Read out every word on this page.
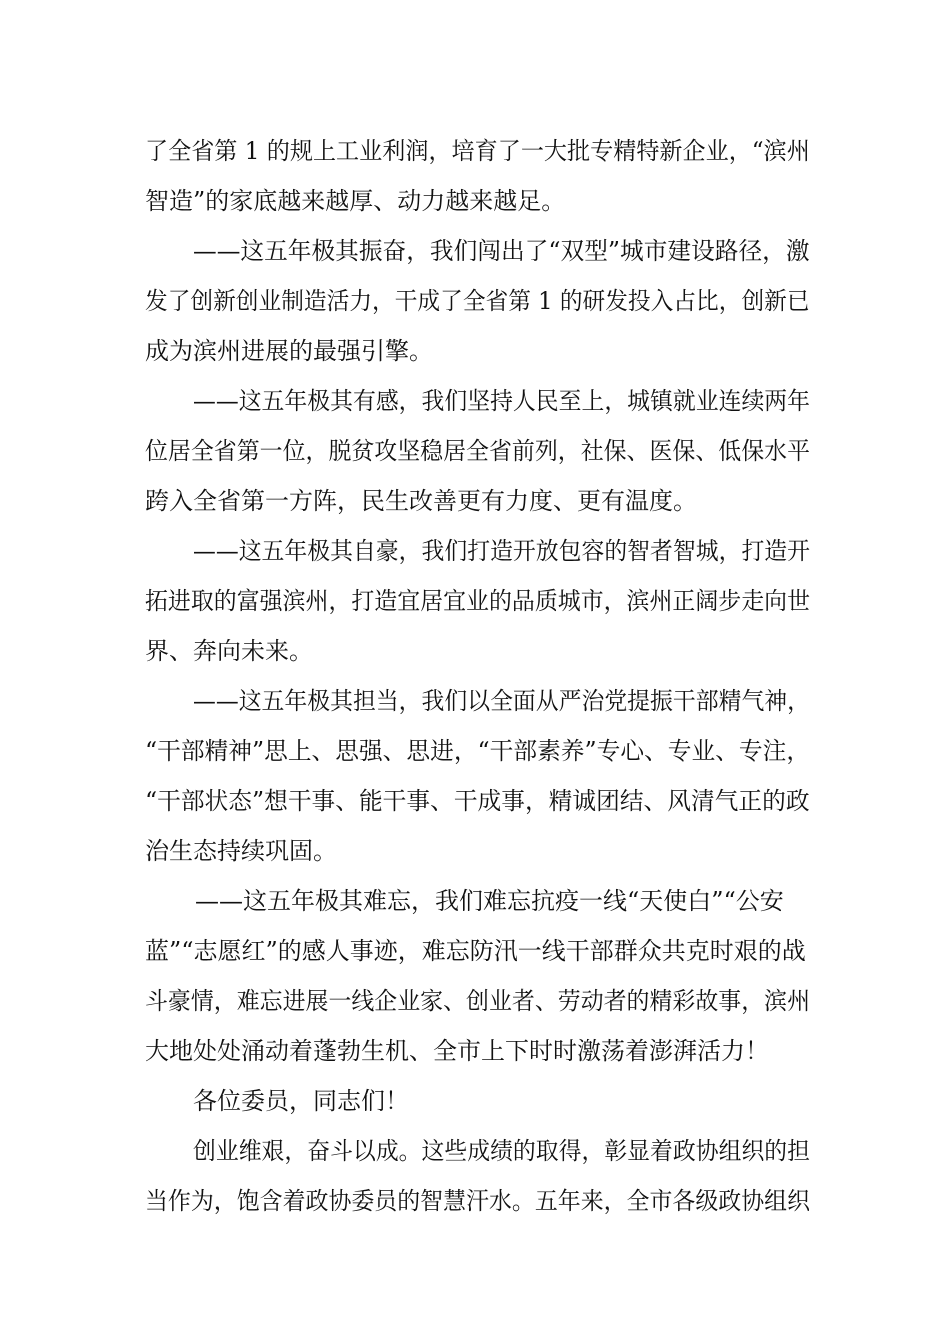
了全省第 1 的规上工业利润，培育了一大批专精特新企业，“滨州
智造”的家底越来越厚、动力越来越足。
——这五年极其振奋，我们闯出了“双型”城市建设路径，激
发了创新创业制造活力，干成了全省第 1 的研发投入占比，创新已
成为滨州进展的最强引擎。
——这五年极其有感，我们坚持人民至上，城镇就业连续两年
位居全省第一位，脱贫攻坚稳居全省前列，社保、医保、低保水平
跨入全省第一方阵，民生改善更有力度、更有温度。
——这五年极其自豪，我们打造开放包容的智者智城，打造开
拓进取的富强滨州，打造宜居宜业的品质城市，滨州正阔步走向世
界、奔向未来。
——这五年极其担当，我们以全面从严治党提振干部精气神，
“干部精神”思上、思强、思进，“干部素养”专心、专业、专注，
“干部状态”想干事、能干事、干成事，精诚团结、风清气正的政
治生态持续巩固。
——这五年极其难忘，我们难忘抗疫一线“天使白”“公安
蓝”“志愿红”的感人事迹，难忘防汛一线干部群众共克时艰的战
斗豪情，难忘进展一线企业家、创业者、劳动者的精彩故事，滨州
大地处处涌动着蓬勃生机、全市上下时时激荡着澎湃活力！
各位委员，同志们！
创业维艰，奋斗以成。这些成绩的取得，彰显着政协组织的担
当作为，饱含着政协委员的智慧汗水。五年来，全市各级政协组织
